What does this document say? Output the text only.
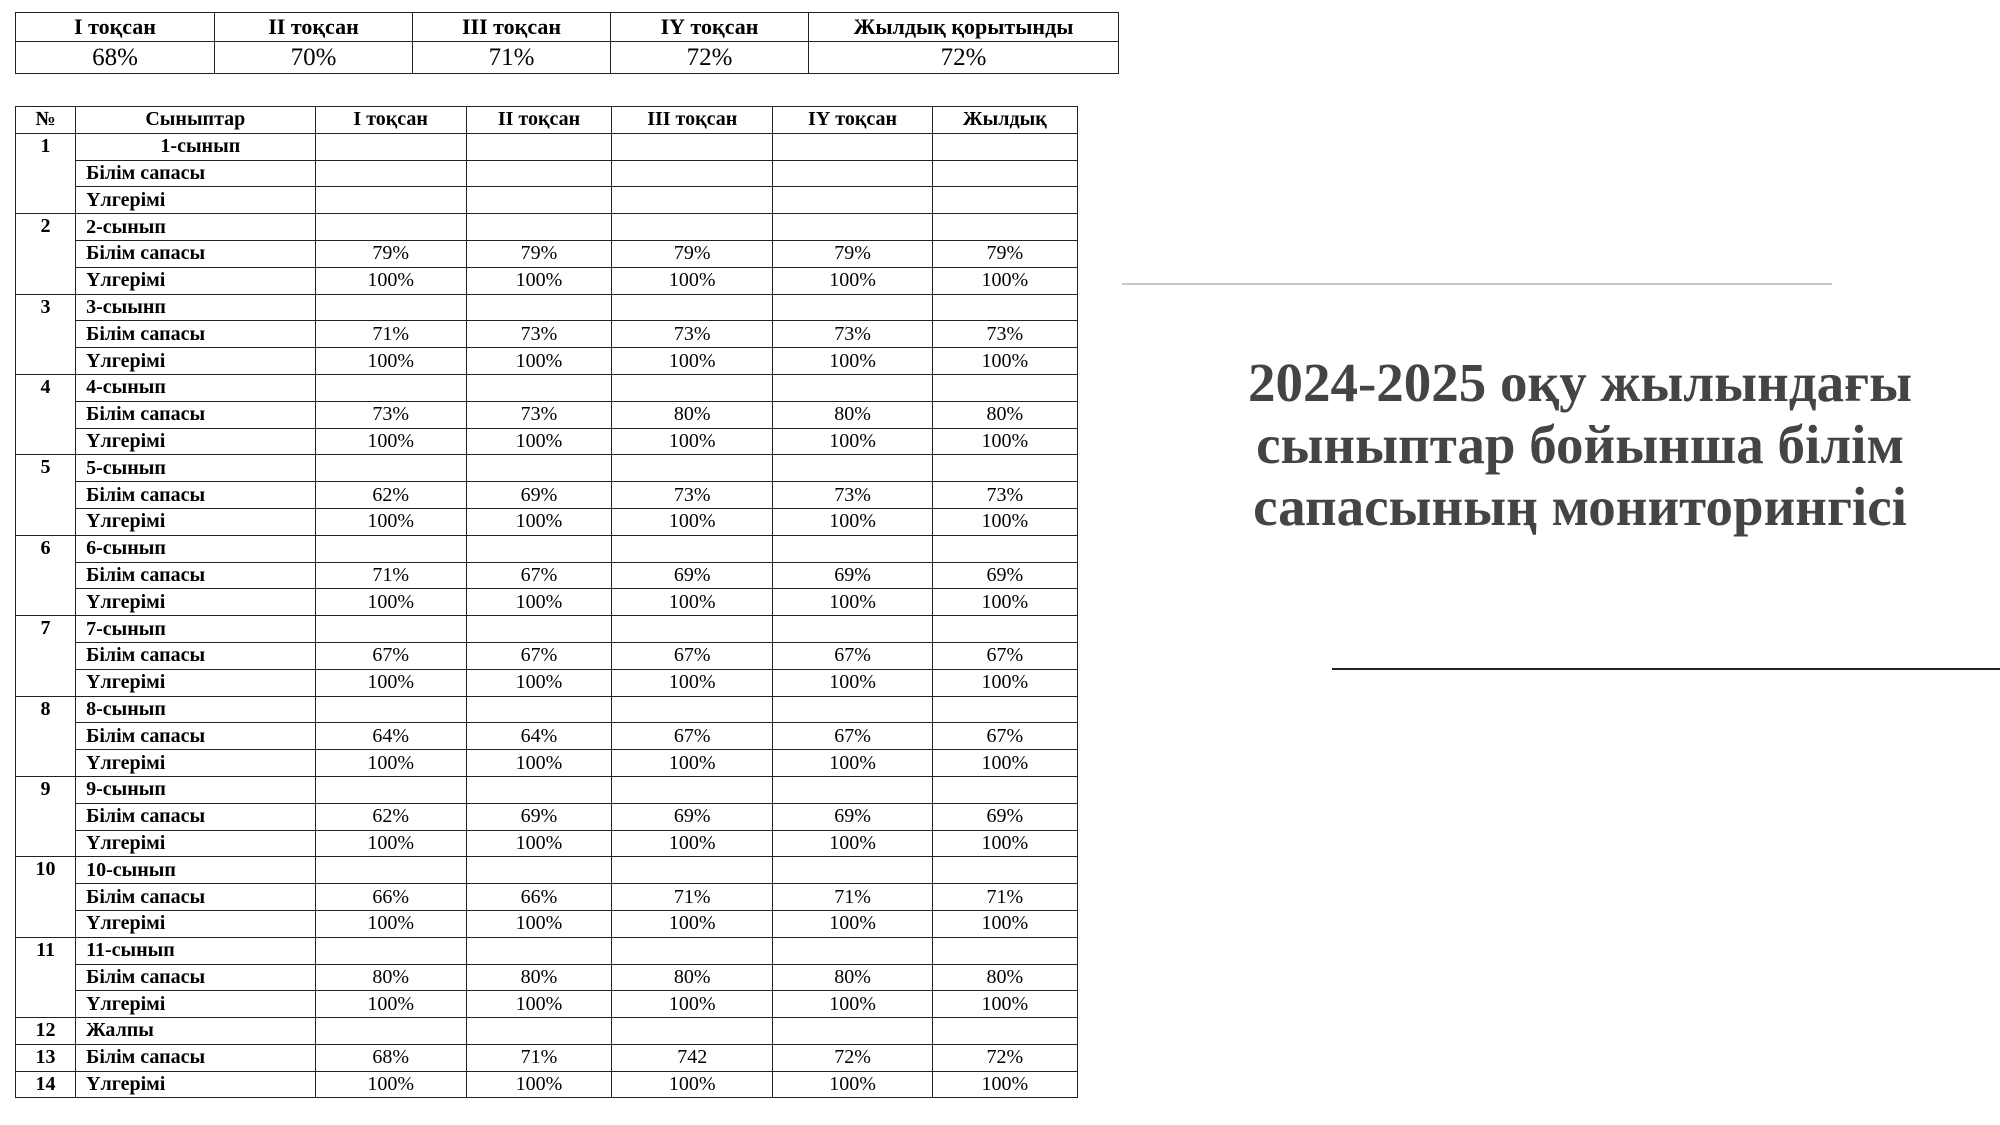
І тоқсан	ІІ тоқсан	ІІІ тоқсан	ІҮ тоқсан	Жылдық қорытынды
68%	70%	71%	72%	72%
№	Сыныптар	І тоқсан	ІІ тоқсан	ІІІ тоқсан	ІҮ тоқсан	Жылдық
1	1-сынып					
	Білім сапасы					
	Үлгерімі					
2	2-сынып					
	Білім сапасы	79%	79%	79%	79%	79%
	Үлгерімі	100%	100%	100%	100%	100%
3	3-сыынп					
	Білім сапасы	71%	73%	73%	73%	73%
	Үлгерімі	100%	100%	100%	100%	100%
4	4-сынып					
	Білім сапасы	73%	73%	80%	80%	80%
	Үлгерімі	100%	100%	100%	100%	100%
5	5-сынып					
	Білім сапасы	62%	69%	73%	73%	73%
	Үлгерімі	100%	100%	100%	100%	100%
6	6-сынып					
	Білім сапасы	71%	67%	69%	69%	69%
	Үлгерімі	100%	100%	100%	100%	100%
7	7-сынып					
	Білім сапасы	67%	67%	67%	67%	67%
	Үлгерімі	100%	100%	100%	100%	100%
8	8-сынып					
	Білім сапасы	64%	64%	67%	67%	67%
	Үлгерімі	100%	100%	100%	100%	100%
9	9-сынып					
	Білім сапасы	62%	69%	69%	69%	69%
	Үлгерімі	100%	100%	100%	100%	100%
10	10-сынып					
	Білім сапасы	66%	66%	71%	71%	71%
	Үлгерімі	100%	100%	100%	100%	100%
11	11-сынып					
	Білім сапасы	80%	80%	80%	80%	80%
	Үлгерімі	100%	100%	100%	100%	100%
12	Жалпы					
13	Білім сапасы	68%	71%	742	72%	72%
14	Үлгерімі	100%	100%	100%	100%	100%
2024-2025 оқу жылындағы сыныптар бойынша білім сапасының мониторингісі
